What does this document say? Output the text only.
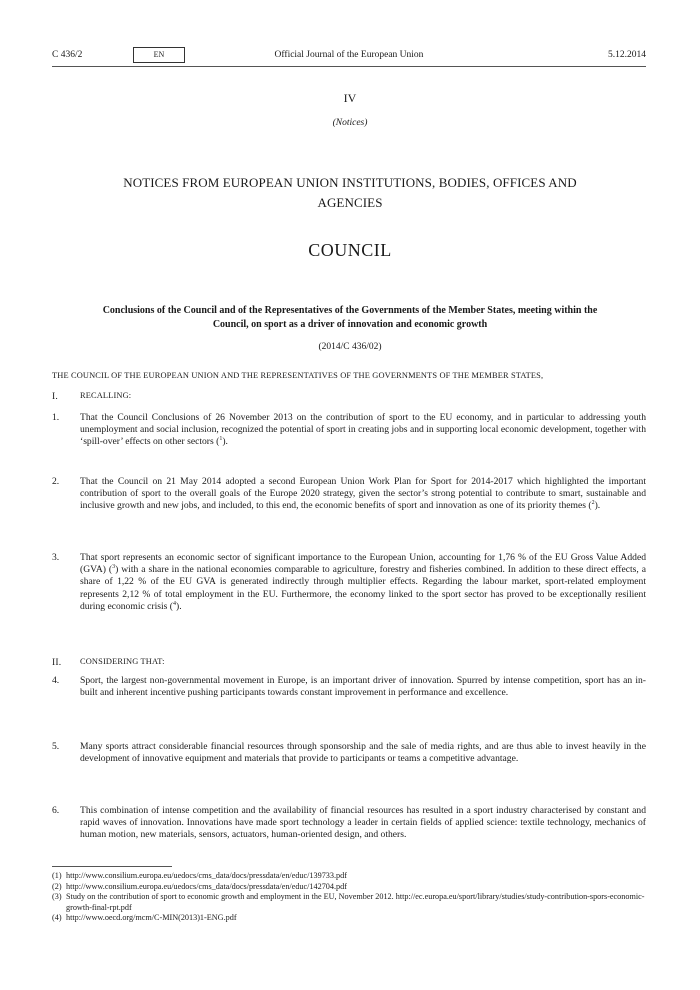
C 436/2	EN	Official Journal of the European Union	5.12.2014
IV
(Notices)
NOTICES FROM EUROPEAN UNION INSTITUTIONS, BODIES, OFFICES AND AGENCIES
COUNCIL
Conclusions of the Council and of the Representatives of the Governments of the Member States, meeting within the Council, on sport as a driver of innovation and economic growth
(2014/C 436/02)
THE COUNCIL OF THE EUROPEAN UNION AND THE REPRESENTATIVES OF THE GOVERNMENTS OF THE MEMBER STATES,
I.	RECALLING:
1. That the Council Conclusions of 26 November 2013 on the contribution of sport to the EU economy, and in particular to addressing youth unemployment and social inclusion, recognized the potential of sport in creating jobs and in supporting local economic development, together with ‘spill-over’ effects on other sectors ($^1$).
2. That the Council on 21 May 2014 adopted a second European Union Work Plan for Sport for 2014-2017 which highlighted the important contribution of sport to the overall goals of the Europe 2020 strategy, given the sector’s strong potential to contribute to smart, sustainable and inclusive growth and new jobs, and included, to this end, the economic benefits of sport and innovation as one of its priority themes ($^2$).
3. That sport represents an economic sector of significant importance to the European Union, accounting for 1,76 % of the EU Gross Value Added (GVA) ($^3$) with a share in the national economies comparable to agriculture, forestry and fisheries combined. In addition to these direct effects, a share of 1,22 % of the EU GVA is generated indirectly through multiplier effects. Regarding the labour market, sport-related employment represents 2,12 % of total employment in the EU. Furthermore, the economy linked to the sport sector has proved to be exceptionally resilient during economic crisis ($^4$).
II. CONSIDERING THAT:
4. Sport, the largest non-governmental movement in Europe, is an important driver of innovation. Spurred by intense competition, sport has an in-built and inherent incentive pushing participants towards constant improvement in performance and excellence.
5. Many sports attract considerable financial resources through sponsorship and the sale of media rights, and are thus able to invest heavily in the development of innovative equipment and materials that provide to participants or teams a competitive advantage.
6. This combination of intense competition and the availability of financial resources has resulted in a sport industry characterised by constant and rapid waves of innovation. Innovations have made sport technology a leader in certain fields of applied science: textile technology, mechanics of human motion, new materials, sensors, actuators, human-oriented design, and others.
(1) http://www.consilium.europa.eu/uedocs/cms_data/docs/pressdata/en/educ/139733.pdf
(2) http://www.consilium.europa.eu/uedocs/cms_data/docs/pressdata/en/educ/142704.pdf
(3) Study on the contribution of sport to economic growth and employment in the EU, November 2012. http://ec.europa.eu/sport/library/studies/study-contribution-spors-economic-growth-final-rpt.pdf
(4) http://www.oecd.org/mcm/C-MIN(2013)1-ENG.pdf
